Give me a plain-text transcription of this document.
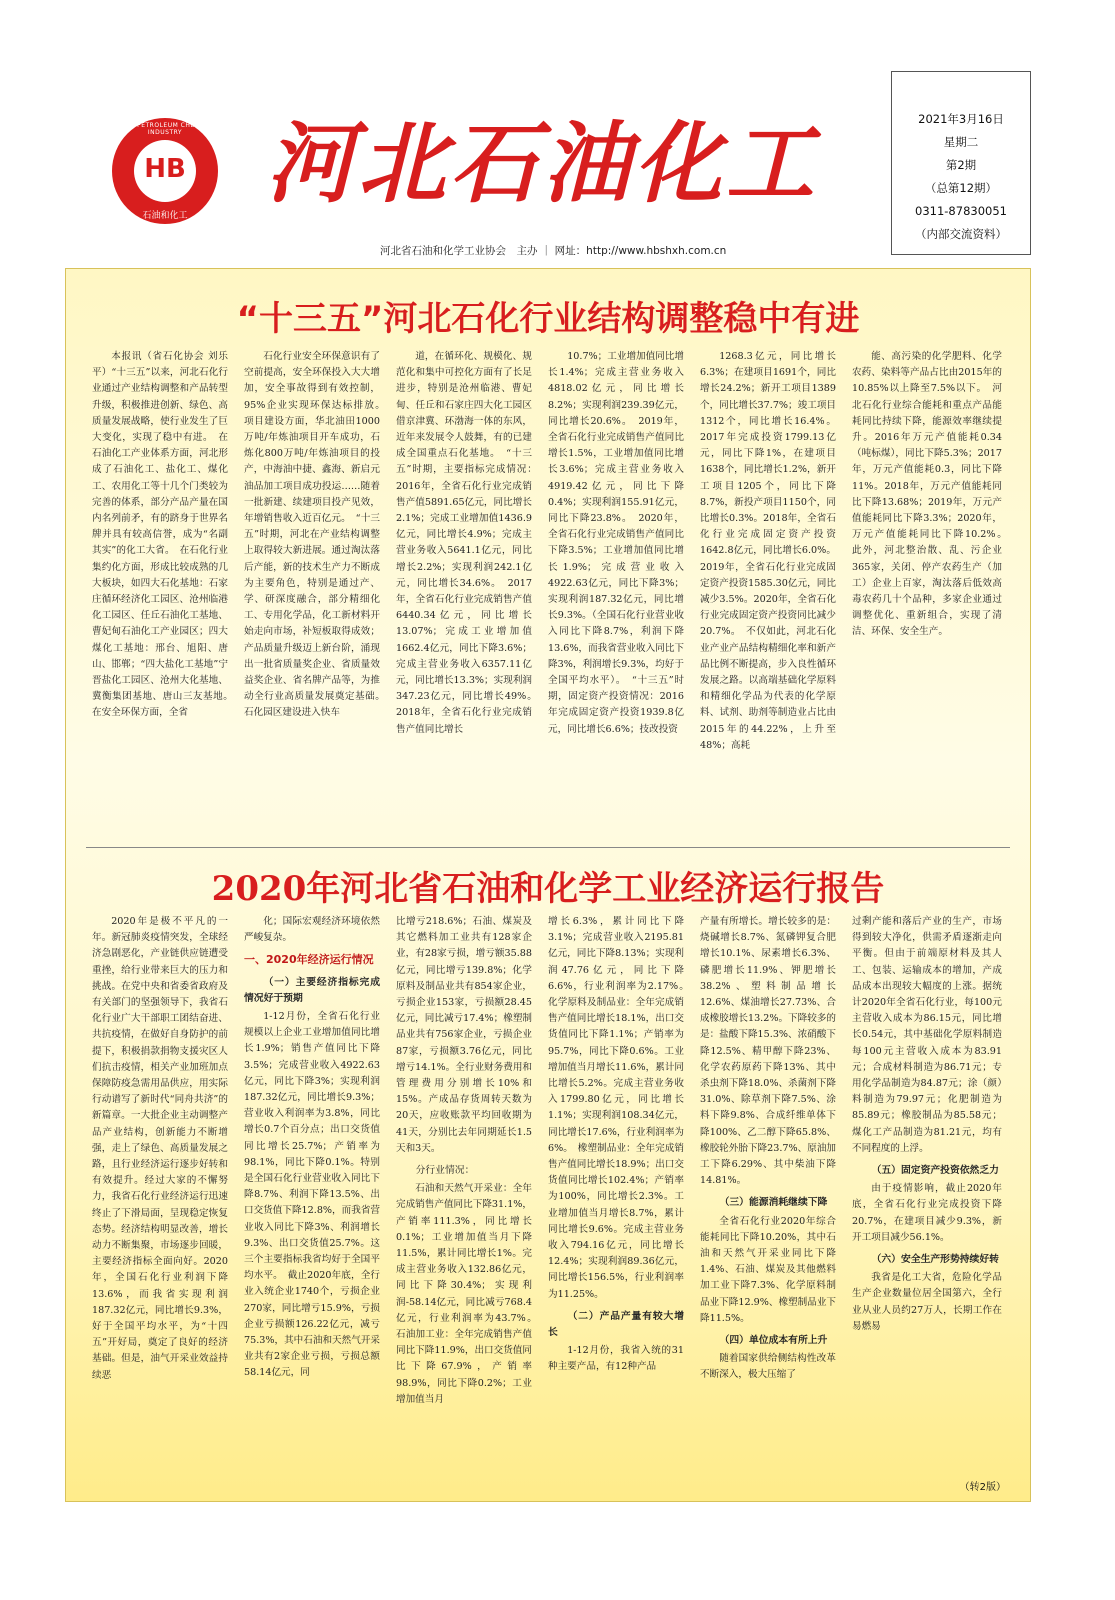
HEBEI PETROLEUM CHEMICAL INDUSTRY
HB
石油和化工
河北石油化工	2021年3月16日
星期二
第2期
（总第12期）
0311-87830051
（内部交流资料）
河北省石油和化学工业协会　主办 ｜ 网址：http://www.hbshxh.com.cn
“十三五”河北石化行业结构调整稳中有进

本报讯（省石化协会 刘乐平）“十三五”以来，河北石化行业通过产业结构调整和产品转型升级，积极推进创新、绿色、高质量发展战略，使行业发生了巨大变化，实现了稳中有进。　在石油化工产业体系方面，河北形成了石油化工、盐化工、煤化工、农用化工等十几个门类较为完善的体系，部分产品产量在国内名列前矛，有的跻身于世界名牌并具有较高信誉，成为“名副其实”的化工大省。　在石化行业集约化方面，形成比较成熟的几大板块，如四大石化基地：石家庄循环经济化工园区、沧州临港化工园区、任丘石油化工基地、曹妃甸石油化工产业园区；四大煤化工基地：邢台、旭阳、唐山、邯郸；“四大盐化工基地”宁晋盐化工园区、沧州大化基地、冀衡集团基地、唐山三友基地。　在安全环保方面，全省

石化行业安全环保意识有了空前提高，安全环保投入大大增加，安全事故得到有效控制，95%企业实现环保达标排放。　项目建设方面，华北油田1000万吨/年炼油项目开车成功，石炼化800万吨/年炼油项目的投产，中海油中捷、鑫海、新启元油品加工项目成功投运……随着一批新建、续建项目投产见效，年增销售收入近百亿元。　“十三五”时期，河北在产业结构调整上取得较大新进展。通过淘汰落后产能，新的技术生产力不断成为主要角色，特别是通过产、学、研深度融合，部分精细化工、专用化学品，化工新材料开始走向市场，补短板取得成效；产品质量升级迈上新台阶，涌现出一批省质量奖企业、省质量效益奖企业、省名牌产品等，为推动全行业高质量发展奠定基础。　石化园区建设进入快车

道，在循环化、规模化、规范化和集中可控化方面有了长足进步，特别是沧州临港、曹妃甸、任丘和石家庄四大化工园区借京津冀、环渤海一体的东风，近年来发展令人鼓舞，有的已建成全国重点石化基地。　“十三五”时期，主要指标完成情况：　2016年，全省石化行业完成销售产值5891.65亿元，同比增长2.1%；完成工业增加值1436.9亿元，同比增长4.9%；完成主营业务收入5641.1亿元，同比增长2.2%；实现利润242.1亿元，同比增长34.6%。　2017年，全省石化行业完成销售产值6440.34亿元，同比增长13.07%；完成工业增加值1662.4亿元，同比下降3.6%；完成主营业务收入6357.11亿元，同比增长13.3%；实现利润347.23亿元，同比增长49%。　2018年，全省石化行业完成销售产值同比增长

10.7%；工业增加值同比增长1.4%；完成主营业务收入4818.02亿元，同比增长8.2%；实现利润239.39亿元，同比增长20.6%。　2019年，全省石化行业完成销售产值同比增长1.5%，工业增加值同比增长3.6%；完成主营业务收入4919.42亿元，同比下降0.4%；实现利润155.91亿元，同比下降23.8%。　2020年，全省石化行业完成销售产值同比下降3.5%；工业增加值同比增长1.9%；完成营业收入4922.63亿元，同比下降3%；实现利润187.32亿元，同比增长9.3%。（全国石化行业营业收入同比下降8.7%，利润下降13.6%，而我省营业收入同比下降3%，利润增长9.3%，均好于全国平均水平）。　“十三五”时期，固定资产投资情况：2016年完成固定资产投资1939.8亿元，同比增长6.6%；技改投资

1268.3亿元，同比增长6.3%；在建项目1691个，同比增长24.2%；新开工项目1389个，同比增长37.7%；竣工项目1312个，同比增长16.4%。2017年完成投资1799.13亿元，同比下降1%，在建项目1638个，同比增长1.2%，新开工项目1205个，同比下降8.7%，新投产项目1150个，同比增长0.3%。2018年，全省石化行业完成固定资产投资1642.8亿元，同比增长6.0%。2019年，全省石化行业完成固定资产投资1585.30亿元，同比减少3.5%。2020年，全省石化行业完成固定资产投资同比减少20.7%。　不仅如此，河北石化业产业产品结构精细化率和新产品比例不断提高，步入良性循环发展之路。以高端基础化学原料和精细化学品为代表的化学原料、试剂、助剂等制造业占比由2015年的44.22%，上升至48%；高耗

能、高污染的化学肥料、化学农药、染料等产品占比由2015年的10.85%以上降至7.5%以下。　河北石化行业综合能耗和重点产品能耗同比持续下降，能源效率继续提升。2016年万元产值能耗0.34（吨标煤），同比下降5.3%；2017年，万元产值能耗0.3，同比下降11%。2018年，万元产值能耗同比下降13.68%；2019年，万元产值能耗同比下降3.3%；2020年，万元产值能耗同比下降10.2%。　此外，河北整治散、乱、污企业365家，关闭、停产农药生产（加工）企业上百家，淘汰落后低效高毒农药几十个品种，多家企业通过调整优化、重新组合，实现了清洁、环保、安全生产。

2020年河北省石油和化学工业经济运行报告

2020年是极不平凡的一年。新冠肺炎疫情突发，全球经济急剧恶化，产业链供应链遭受重挫，给行业带来巨大的压力和挑战。在党中央和省委省政府及有关部门的坚强领导下，我省石化行业广大干部职工团结奋进、共抗疫情，在做好自身防护的前提下，积极捐款捐物支援灾区人们抗击疫情，相关产业加班加点保障防疫急需用品供应，用实际行动谱写了新时代“同舟共济”的新篇章。一大批企业主动调整产品产业结构，创新能力不断增强，走上了绿色、高质量发展之路，且行业经济运行逐步好转和有效提升。经过大家的不懈努力，我省石化行业经济运行迅速终止了下滑局面，呈现稳定恢复态势。经济结构明显改善，增长动力不断集聚，市场逐步回暖，主要经济指标全面向好。2020年，全国石化行业利润下降13.6%，而我省实现利润187.32亿元，同比增长9.3%，好于全国平均水平，为“十四五”开好局，奠定了良好的经济基础。但是，油气开采业效益持续恶

化；国际宏观经济环境依然严峻复杂。

一、2020年经济运行情况
（一）主要经济指标完成情况好于预期

1-12月份，全省石化行业规模以上企业工业增加值同比增长1.9%；销售产值同比下降3.5%；完成营业收入4922.63亿元，同比下降3%；实现利润187.32亿元，同比增长9.3%；营业收入利润率为3.8%，同比增长0.7个百分点；出口交货值同比增长25.7%；产销率为98.1%，同比下降0.1%。特别是全国石化行业营业收入同比下降8.7%、利润下降13.5%、出口交货值下降12.8%，而我省营业收入同比下降3%、利润增长9.3%、出口交货值25.7%。这三个主要指标我省均好于全国平均水平。　截止2020年底，全行业入统企业1740个，亏损企业270家，同比增亏15.9%，亏损企业亏损额126.22亿元，减亏75.3%，其中石油和天然气开采业共有2家企业亏损，亏损总额58.14亿元，同

比增亏218.6%；石油、煤炭及其它燃料加工业共有128家企业，有28家亏损，增亏额35.88亿元，同比增亏139.8%；化学原料及制品业共有854家企业，亏损企业153家，亏损额28.45亿元，同比减亏17.4%；橡塑制品业共有756家企业，亏损企业87家，亏损额3.76亿元，同比增亏14.1%。全行业财务费用和管理费用分别增长10%和15%。产成品存货周转天数为20天，应收账款平均回收期为41天，分别比去年同期延长1.5天和3天。

分行业情况：

石油和天然气开采业：全年完成销售产值同比下降31.1%，产销率111.3%，同比增长0.1%；工业增加值当月下降11.5%，累计同比增长1%。完成主营业务收入132.86亿元，同比下降30.4%；实现利润-58.14亿元，同比减亏768.4亿元，行业利润率为43.7%。　石油加工业：全年完成销售产值同比下降11.9%，出口交货值同比下降67.9%，产销率98.9%，同比下降0.2%；工业增加值当月

增长6.3%，累计同比下降3.1%；完成营业收入2195.81亿元，同比下降8.13%；实现利润47.76亿元，同比下降6.6%，行业利润率为2.17%。　化学原料及制品业：全年完成销售产值同比增长18.1%，出口交货值同比下降1.1%；产销率为95.7%，同比下降0.6%。工业增加值当月增长11.6%，累计同比增长5.2%。完成主营业务收入1799.80亿元，同比增长1.1%；实现利润108.34亿元，同比增长17.6%，行业利润率为6%。　橡塑制品业：全年完成销售产值同比增长18.9%；出口交货值同比增长102.4%；产销率为100%，同比增长2.3%。工业增加值当月增长8.7%，累计同比增长9.6%。完成主营业务收入794.16亿元，同比增长12.4%；实现利润89.36亿元，同比增长156.5%，行业利润率为11.25%。

（二）产品产量有较大增长

1-12月份，我省入统的31种主要产品，有12种产品

产量有所增长。增长较多的是：烧碱增长8.7%、氮磷钾复合肥增长10.1%、尿素增长6.3%、磷肥增长11.9%、钾肥增长38.2%、塑料制品增长12.6%、煤油增长27.73%、合成橡胶增长13.2%。下降较多的是：盐酸下降15.3%、浓硝酸下降12.5%、精甲醇下降23%、化学农药原药下降13%、其中杀虫剂下降18.0%、杀菌剂下降31.0%、除草剂下降7.5%、涂料下降9.8%、合成纤维单体下降100%、乙二醇下降65.8%、橡胶轮外胎下降23.7%、原油加工下降6.29%、其中柴油下降14.81%。

（三）能源消耗继续下降

全省石化行业2020年综合能耗同比下降10.20%，其中石油和天然气开采业同比下降1.4%、石油、煤炭及其他燃料加工业下降7.3%、化学原料制品业下降12.9%、橡塑制品业下降11.5%。

（四）单位成本有所上升

随着国家供给侧结构性改革不断深入，极大压缩了

过剩产能和落后产业的生产，市场得到较大净化，供需矛盾逐渐走向平衡。但由于前端原材料及其人工、包装、运输成本的增加，产成品成本出现较大幅度的上涨。据统计2020年全省石化行业，每100元主营收入成本为86.15元，同比增长0.54元，其中基础化学原料制造每100元主营收入成本为83.91元；合成材料制造为86.71元；专用化学品制造为84.87元；涂（颜）料制造为79.97元；化肥制造为85.89元；橡胶制品为85.58元；煤化工产品制造为81.21元，均有不同程度的上浮。

（五）固定资产投资依然乏力

由于疫情影响，截止2020年底，全省石化行业完成投资下降20.7%，在建项目减少9.3%，新开工项目减少56.1%。

（六）安全生产形势持续好转

我省是化工大省，危险化学品生产企业数量位居全国第六，全行业从业人员约27万人，长期工作在易燃易

（转2版）
